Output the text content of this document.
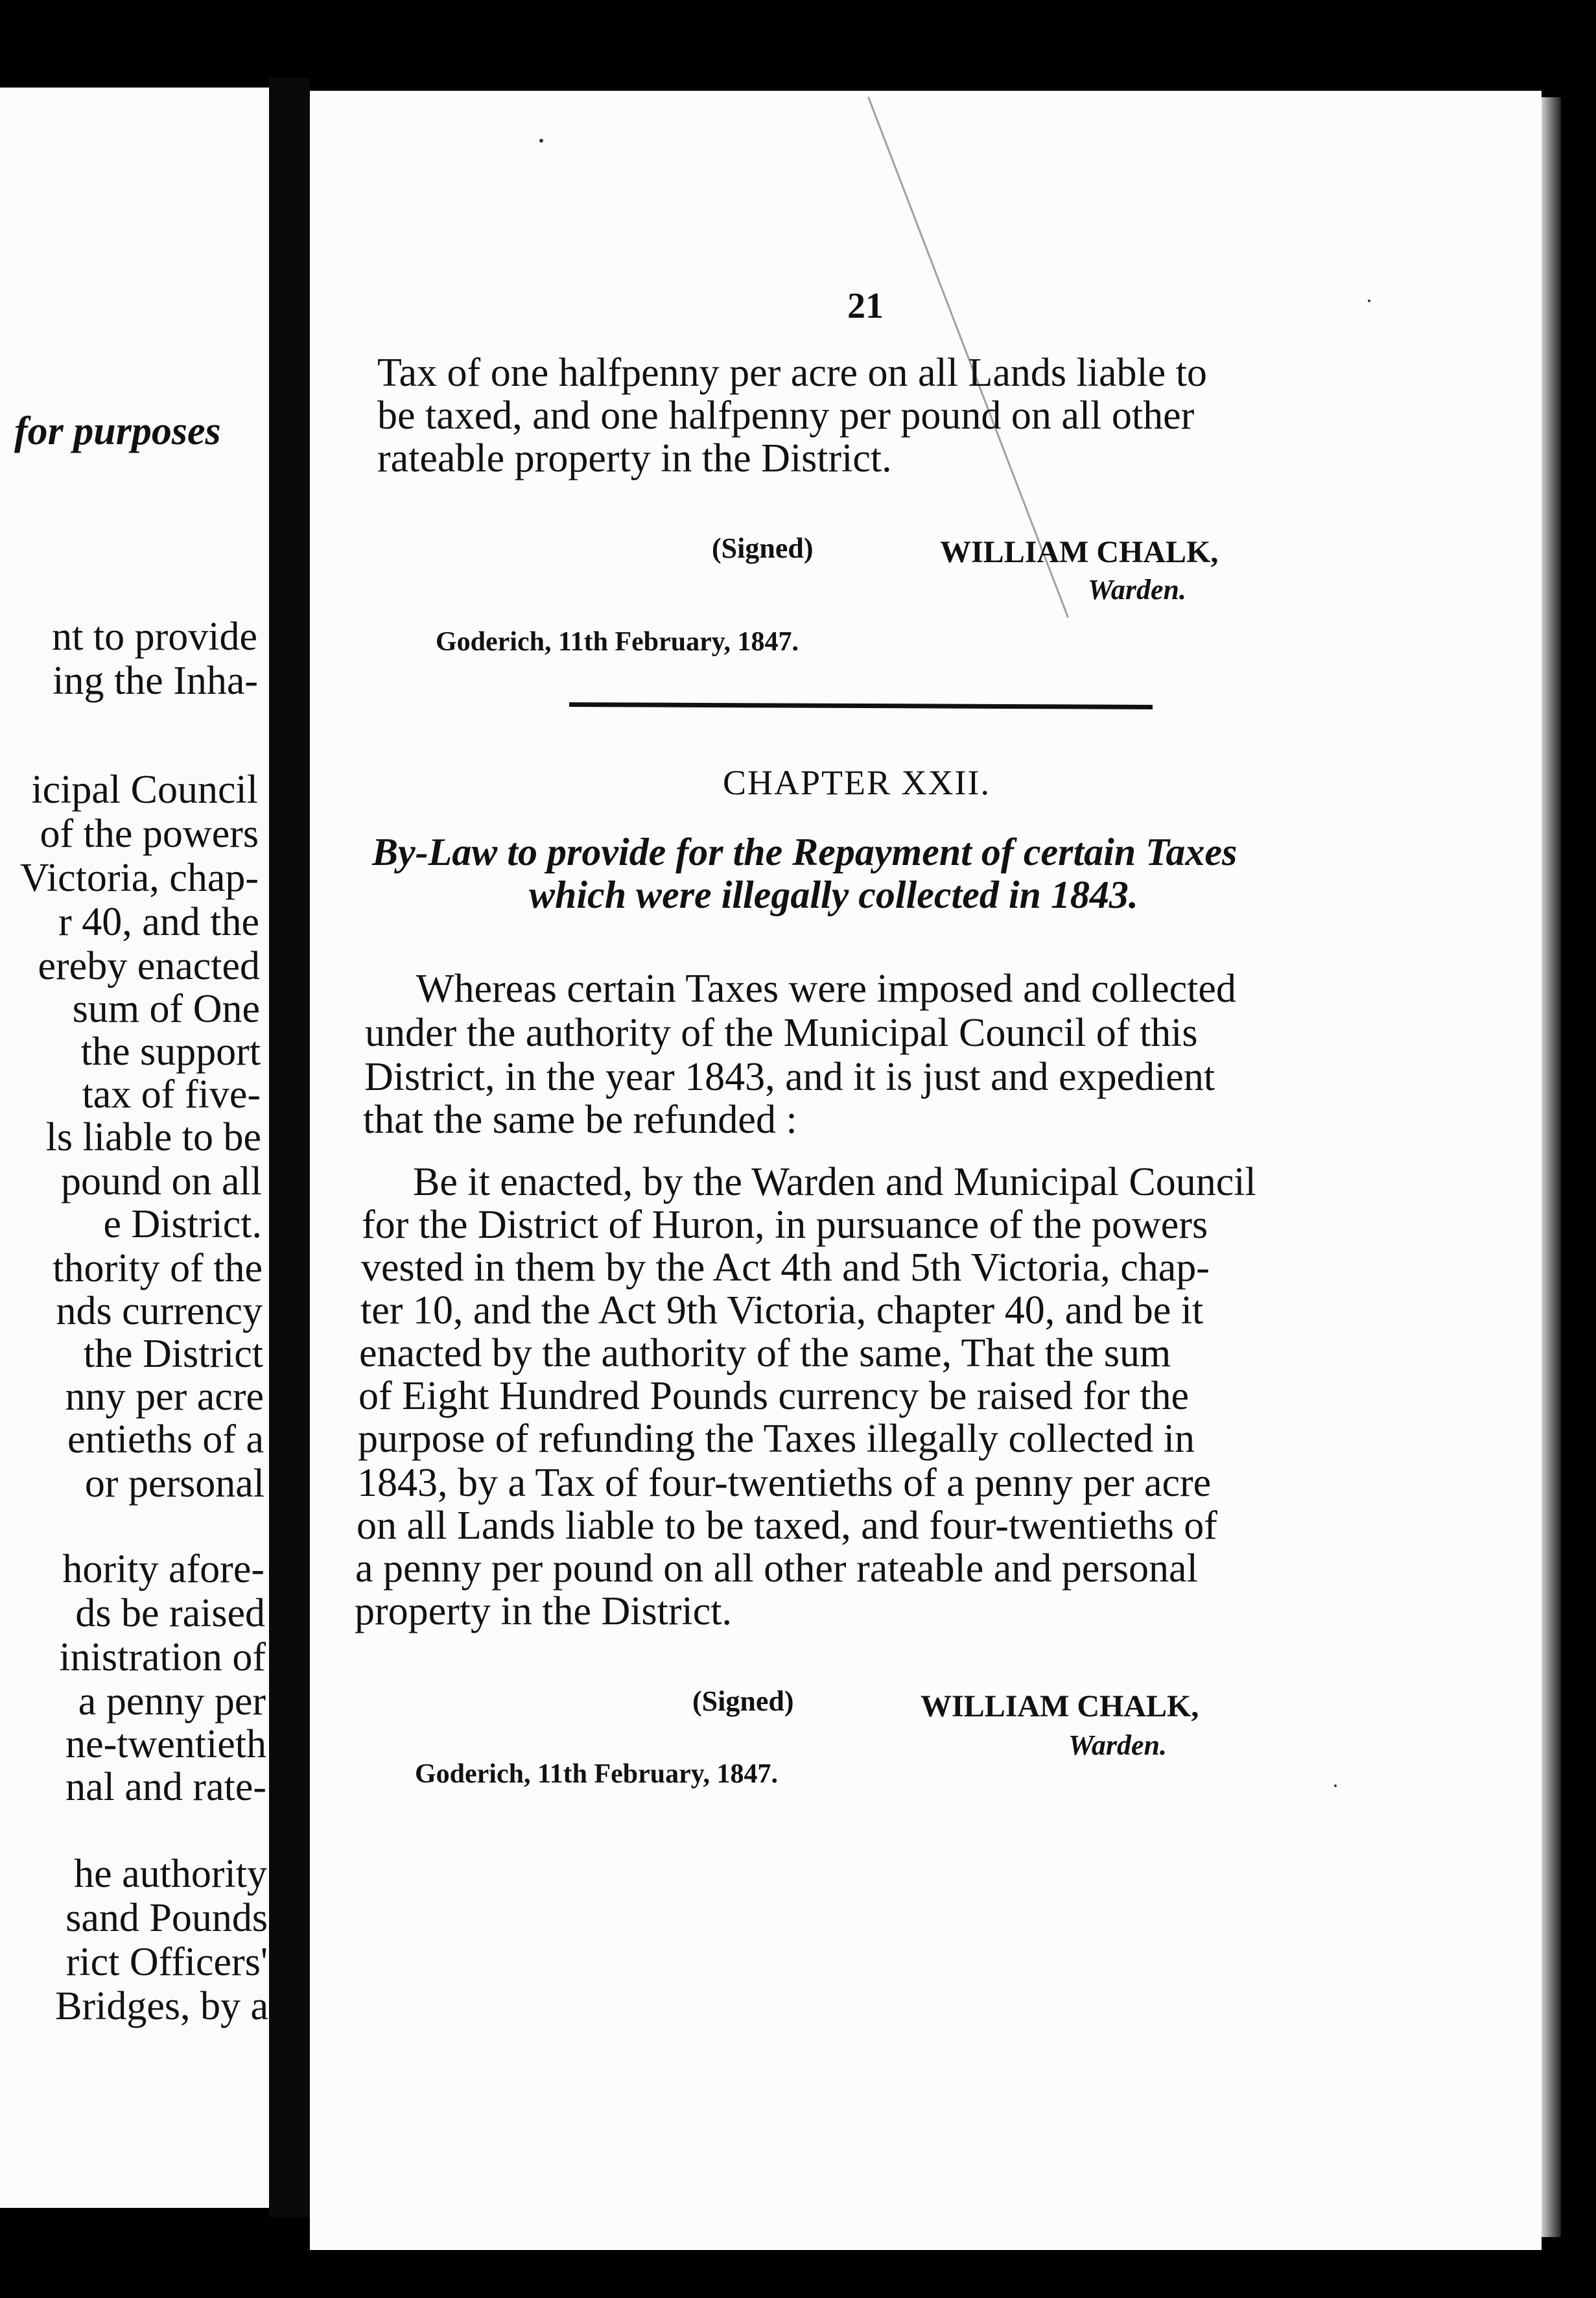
for purposes
nt to provide
ing the Inha-
icipal Council
of the powers
Victoria, chap-
r 40, and the
ereby enacted
sum of One
the support
tax of five-
ls liable to be
pound on all
e District.
thority of the
nds currency
the District
nny per acre
entieths of a
or personal
hority afore-
ds be raised
inistration of
a penny per
ne-twentieth
nal and rate-
he authority
sand Pounds
rict Officers'
Bridges, by a
21
Tax of one halfpenny per acre on all Lands liable to
be taxed, and one halfpenny per pound on all other
rateable property in the District.
(Signed)	WILLIAM CHALK,
Warden.
Goderich, 11th February, 1847.
CHAPTER XXII.
By-Law to provide for the Repayment of certain Taxes
which were illegally collected in 1843.
Whereas certain Taxes were imposed and collected
under the authority of the Municipal Council of this
District, in the year 1843, and it is just and expedient
that the same be refunded :
Be it enacted, by the Warden and Municipal Council
for the District of Huron, in pursuance of the powers
vested in them by the Act 4th and 5th Victoria, chap-
ter 10, and the Act 9th Victoria, chapter 40, and be it
enacted by the authority of the same, That the sum
of Eight Hundred Pounds currency be raised for the
purpose of refunding the Taxes illegally collected in
1843, by a Tax of four-twentieths of a penny per acre
on all Lands liable to be taxed, and four-twentieths of
a penny per pound on all other rateable and personal
property in the District.
(Signed)	WILLIAM CHALK,
Warden.
Goderich, 11th February, 1847.
